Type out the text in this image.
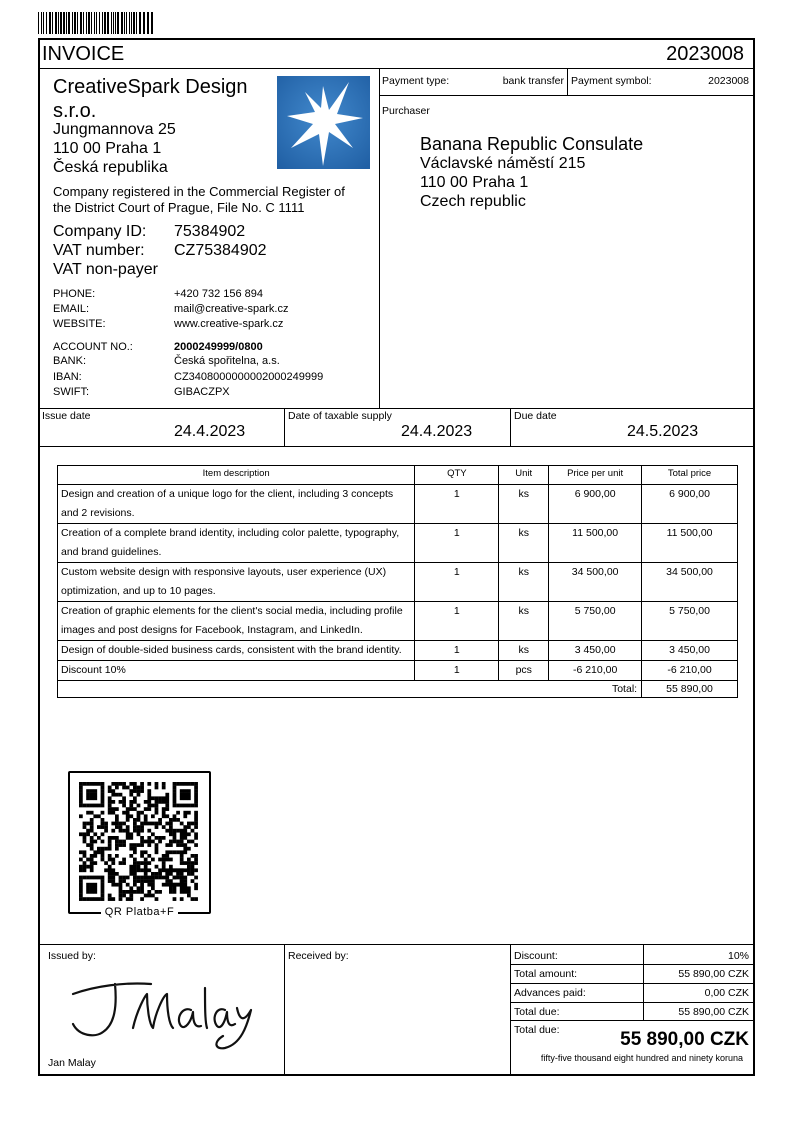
INVOICE	2023008
CreativeSpark Design
s.r.o.
Jungmannova 25
110 00 Praha 1
Česká republika
Company registered in the Commercial Register of
the District Court of Prague, File No. C 1111
Company ID: 75384902
VAT number: CZ75384902
VAT non-payer
PHONE:	+420 732 156 894
EMAIL:	mail@creative-spark.cz
WEBSITE:	www.creative-spark.cz
ACCOUNT NO.:	2000249999/0800
BANK:	Česká spořitelna, a.s.
IBAN:	CZ3408000000002000249999
SWIFT:	GIBACZPX
Payment type:	bank transfer Payment symbol:	2023008
Purchaser
Banana Republic Consulate
Václavské náměstí 215
110 00 Praha 1
Czech republic
Issue date
24.4.2023
Date of taxable supply
24.4.2023
Due date
24.5.2023
Item description	QTY	Unit	Price per unit	Total price
Design and creation of a unique logo for the client, including 3 concepts and 2 revisions.	1	ks	6 900,00	6 900,00
Creation of a complete brand identity, including color palette, typography, and brand guidelines.	1	ks	11 500,00	11 500,00
Custom website design with responsive layouts, user experience (UX) optimization, and up to 10 pages.	1	ks	34 500,00	34 500,00
Creation of graphic elements for the client's social media, including profile images and post designs for Facebook, Instagram, and LinkedIn.	1	ks	5 750,00	5 750,00
Design of double-sided business cards, consistent with the brand identity.	1	ks	3 450,00	3 450,00
Discount 10%	1	pcs	-6 210,00	-6 210,00
Total:				55 890,00
QR Platba+F
Issued by:
Jan Malay
Received by:	Discount:	10%
Total amount:	55 890,00 CZK
Advances paid:	0,00 CZK
Total due:	55 890,00 CZK
Total due:	55 890,00 CZK
fifty-five thousand eight hundred and ninety koruna
